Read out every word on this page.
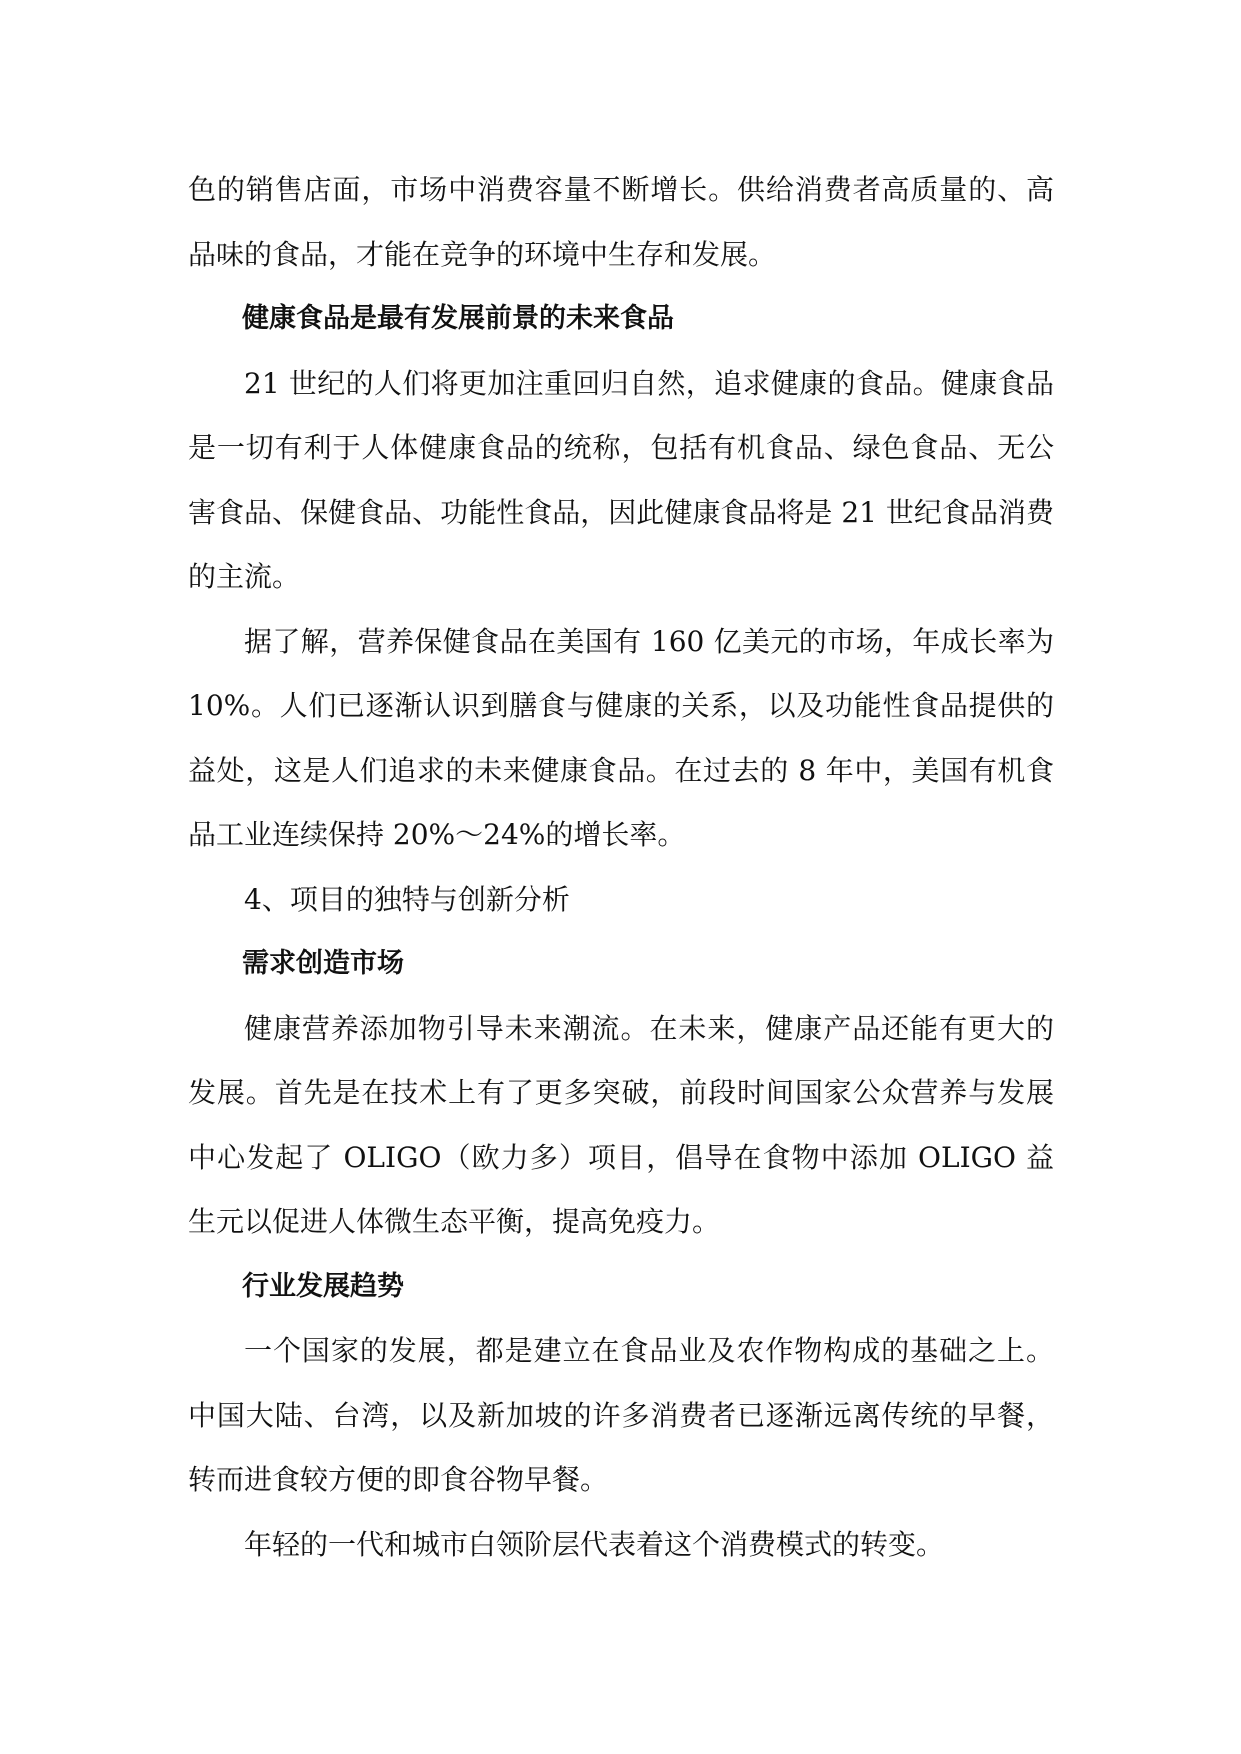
色的销售店面，市场中消费容量不断增长。供给消费者高质量的、高品味的食品，才能在竞争的环境中生存和发展。

健康食品是最有发展前景的未来食品

21 世纪的人们将更加注重回归自然，追求健康的食品。健康食品是一切有利于人体健康食品的统称，包括有机食品、绿色食品、无公害食品、保健食品、功能性食品，因此健康食品将是 21 世纪食品消费的主流。

据了解，营养保健食品在美国有 160 亿美元的市场，年成长率为 10%。人们已逐渐认识到膳食与健康的关系，以及功能性食品提供的益处，这是人们追求的未来健康食品。在过去的 8 年中，美国有机食品工业连续保持 20%～24%的增长率。

4、项目的独特与创新分析

需求创造市场

健康营养添加物引导未来潮流。在未来，健康产品还能有更大的发展。首先是在技术上有了更多突破，前段时间国家公众营养与发展中心发起了 OLIGO（欧力多）项目，倡导在食物中添加 OLIGO 益生元以促进人体微生态平衡，提高免疫力。

行业发展趋势

一个国家的发展，都是建立在食品业及农作物构成的基础之上。中国大陆、台湾，以及新加坡的许多消费者已逐渐远离传统的早餐，转而进食较方便的即食谷物早餐。

年轻的一代和城市白领阶层代表着这个消费模式的转变。
